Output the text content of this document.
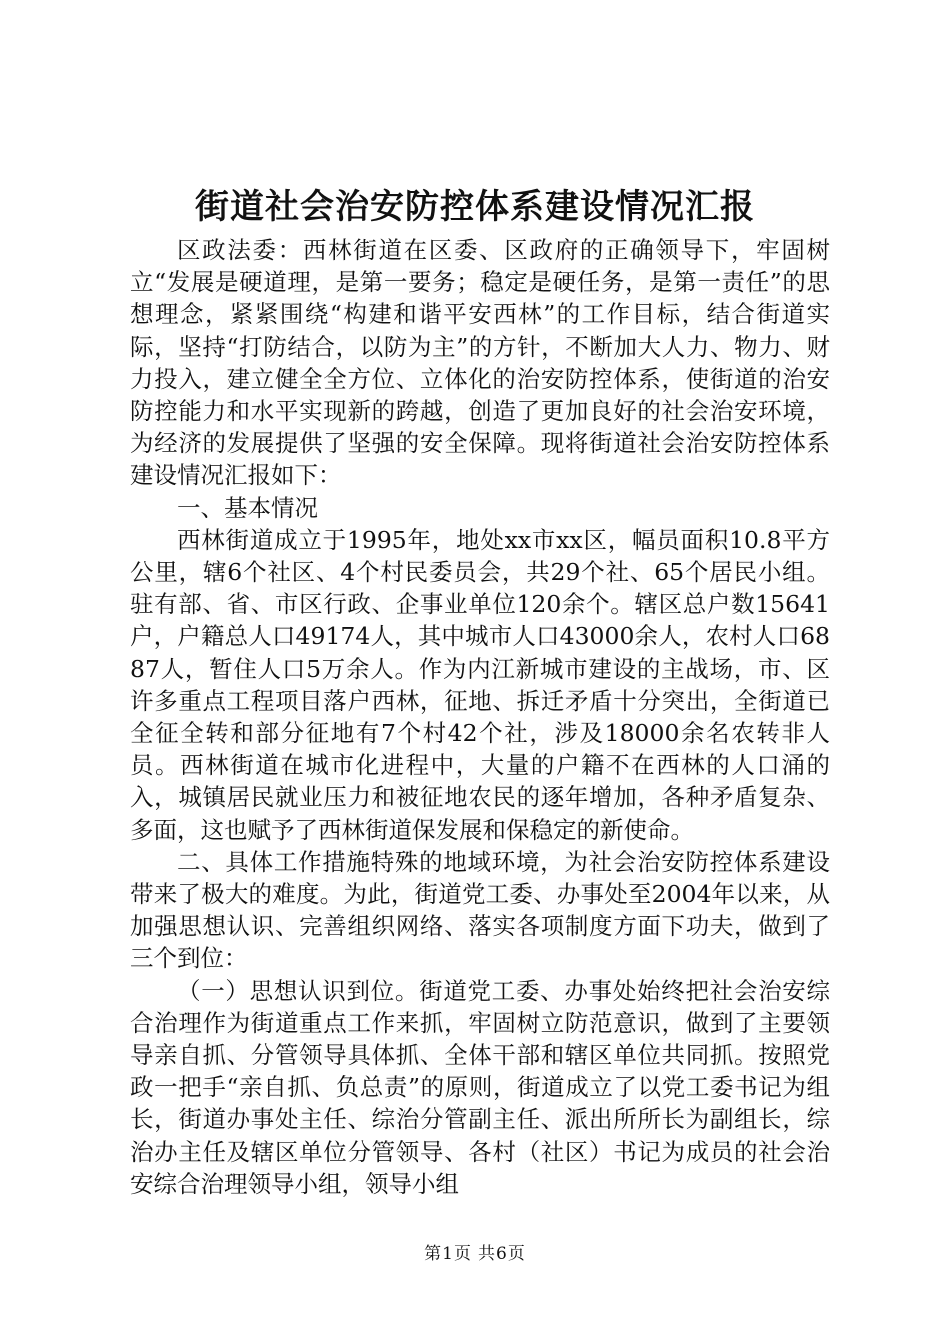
街道社会治安防控体系建设情况汇报

区政法委：西林街道在区委、区政府的正确领导下，牢固树立“发展是硬道理，是第一要务；稳定是硬任务，是第一责任”的思想理念，紧紧围绕“构建和谐平安西林”的工作目标，结合街道实际，坚持“打防结合，以防为主”的方针，不断加大人力、物力、财力投入，建立健全全方位、立体化的治安防控体系，使街道的治安防控能力和水平实现新的跨越，创造了更加良好的社会治安环境，为经济的发展提供了坚强的安全保障。现将街道社会治安防控体系建设情况汇报如下：

一、基本情况

西林街道成立于1995年，地处xx市xx区，幅员面积10.8平方公里，辖6个社区、4个村民委员会，共29个社、65个居民小组。驻有部、省、市区行政、企事业单位120余个。辖区总户数15641户，户籍总人口49174人，其中城市人口43000余人，农村人口6887人，暂住人口5万余人。作为内江新城市建设的主战场，市、区许多重点工程项目落户西林，征地、拆迁矛盾十分突出，全街道已全征全转和部分征地有7个村42个社，涉及18000余名农转非人员。西林街道在城市化进程中，大量的户籍不在西林的人口涌的入，城镇居民就业压力和被征地农民的逐年增加，各种矛盾复杂、多面，这也赋予了西林街道保发展和保稳定的新使命。

二、具体工作措施特殊的地域环境，为社会治安防控体系建设带来了极大的难度。为此，街道党工委、办事处至2004年以来，从加强思想认识、完善组织网络、落实各项制度方面下功夫，做到了三个到位：

（一）思想认识到位。街道党工委、办事处始终把社会治安综合治理作为街道重点工作来抓，牢固树立防范意识，做到了主要领导亲自抓、分管领导具体抓、全体干部和辖区单位共同抓。按照党政一把手“亲自抓、负总责”的原则，街道成立了以党工委书记为组长，街道办事处主任、综治分管副主任、派出所所长为副组长，综治办主任及辖区单位分管领导、各村（社区）书记为成员的社会治安综合治理领导小组，领导小组

第1页 共6页
